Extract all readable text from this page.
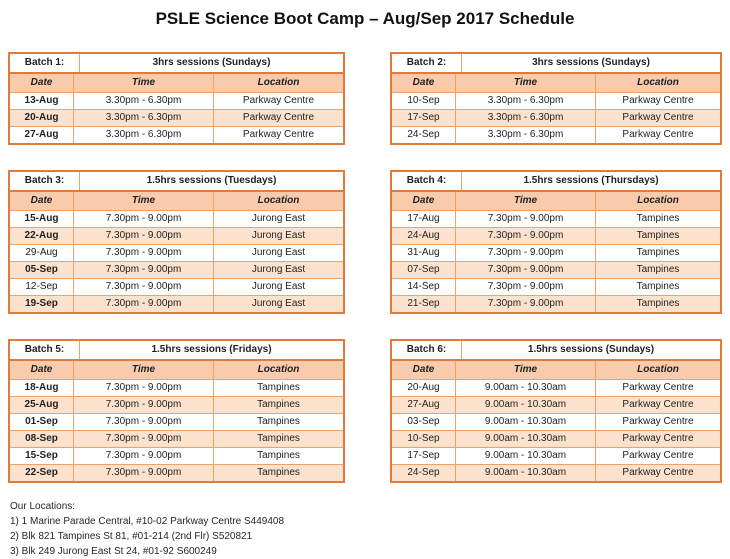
PSLE Science Boot Camp – Aug/Sep 2017 Schedule
Batch 1:	3hrs sessions (Sundays)
Date	Time	Location
13-Aug	3.30pm - 6.30pm	Parkway Centre
20-Aug	3.30pm - 6.30pm	Parkway Centre
27-Aug	3.30pm - 6.30pm	Parkway Centre
Batch 2:	3hrs sessions (Sundays)
Date	Time	Location
10-Sep	3.30pm - 6.30pm	Parkway Centre
17-Sep	3.30pm - 6.30pm	Parkway Centre
24-Sep	3.30pm - 6.30pm	Parkway Centre
Batch 3:	1.5hrs sessions (Tuesdays)
Date	Time	Location
15-Aug	7.30pm - 9.00pm	Jurong East
22-Aug	7.30pm - 9.00pm	Jurong East
29-Aug	7.30pm - 9.00pm	Jurong East
05-Sep	7.30pm - 9.00pm	Jurong East
12-Sep	7.30pm - 9.00pm	Jurong East
19-Sep	7.30pm - 9.00pm	Jurong East
Batch 4:	1.5hrs sessions (Thursdays)
Date	Time	Location
17-Aug	7.30pm - 9.00pm	Tampines
24-Aug	7.30pm - 9.00pm	Tampines
31-Aug	7.30pm - 9.00pm	Tampines
07-Sep	7.30pm - 9.00pm	Tampines
14-Sep	7.30pm - 9.00pm	Tampines
21-Sep	7.30pm - 9.00pm	Tampines
Batch 5:	1.5hrs sessions (Fridays)
Date	Time	Location
18-Aug	7.30pm - 9.00pm	Tampines
25-Aug	7.30pm - 9.00pm	Tampines
01-Sep	7.30pm - 9.00pm	Tampines
08-Sep	7.30pm - 9.00pm	Tampines
15-Sep	7.30pm - 9.00pm	Tampines
22-Sep	7.30pm - 9.00pm	Tampines
Batch 6:	1.5hrs sessions (Sundays)
Date	Time	Location
20-Aug	9.00am - 10.30am	Parkway Centre
27-Aug	9.00am - 10.30am	Parkway Centre
03-Sep	9.00am - 10.30am	Parkway Centre
10-Sep	9.00am - 10.30am	Parkway Centre
17-Sep	9.00am - 10.30am	Parkway Centre
24-Sep	9.00am - 10.30am	Parkway Centre
Our Locations:
1) 1 Marine Parade Central, #10-02 Parkway Centre S449408
2) Blk 821 Tampines St 81, #01-214 (2nd Flr) S520821
3) Blk 249 Jurong East St 24, #01-92 S600249
